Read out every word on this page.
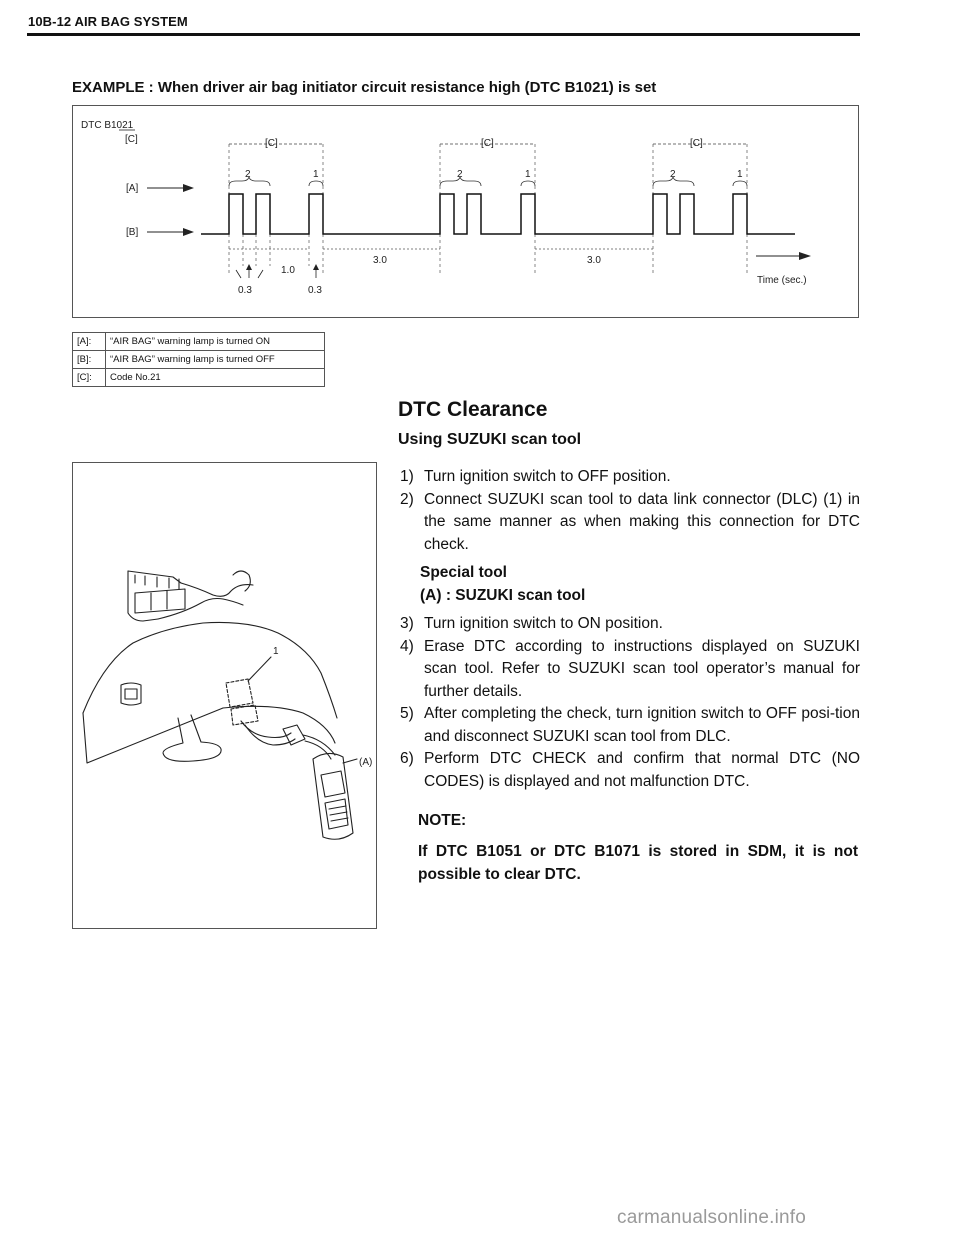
10B-12 AIR BAG SYSTEM
EXAMPLE : When driver air bag initiator circuit resistance high (DTC B1021) is set
DTC B1021
[C]	[C]	[C]	[C]
2	1	2	1	2	1
[A]
[B]
0.3
1.0
0.3
3.0	3.0
Time (sec.)
[A]:	“AIR BAG” warning lamp is turned ON
[B]:	“AIR BAG” warning lamp is turned OFF
[C]:	Code No.21
DTC Clearance
Using SUZUKI scan tool
1
(A)
1) Turn ignition switch to OFF position.
2) Connect SUZUKI scan tool to data link connector (DLC) (1) in the same manner as when making this connection for DTC check.
Special tool
(A) : SUZUKI scan tool
3) Turn ignition switch to ON position.
4) Erase DTC according to instructions displayed on SUZUKI scan tool. Refer to SUZUKI scan tool operator’s manual for further details.
5) After completing the check, turn ignition switch to OFF posi-tion and disconnect SUZUKI scan tool from DLC.
6) Perform DTC CHECK and confirm that normal DTC (NO CODES) is displayed and not malfunction DTC.
NOTE:
If DTC B1051 or DTC B1071 is stored in SDM, it is not possible to clear DTC.
carmanualsonline.info
